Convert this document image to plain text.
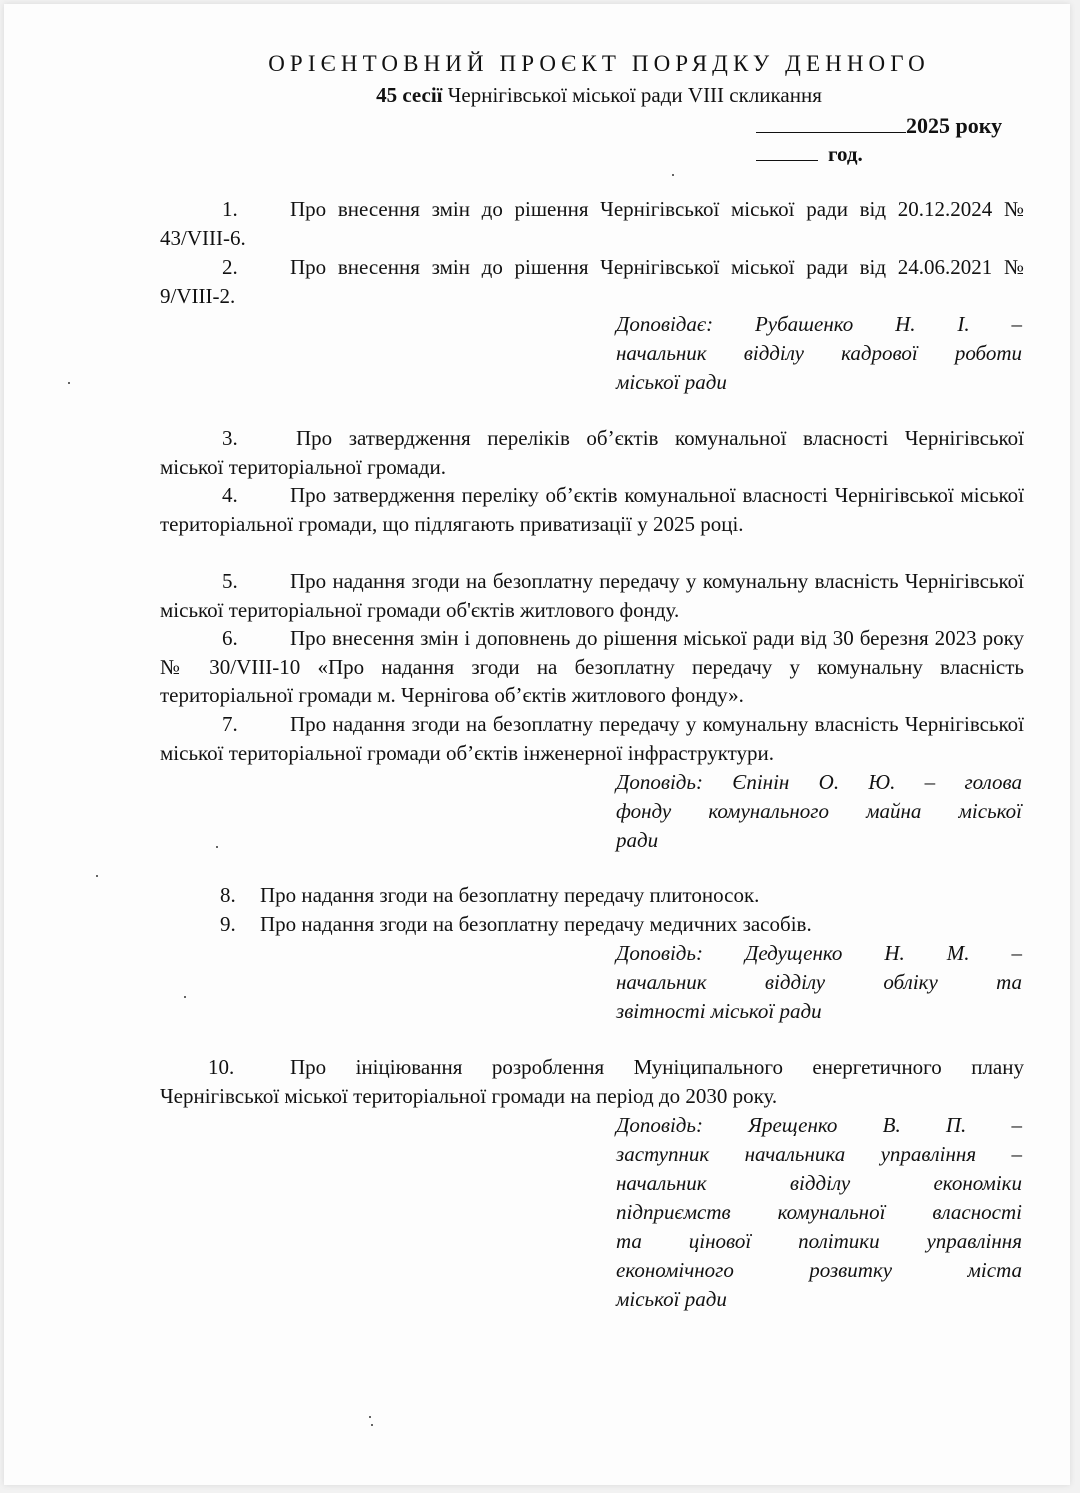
ОРІЄНТОВНИЙ ПРОЄКТ ПОРЯДКУ ДЕННОГО
45 сесії Чернігівської міської ради VIII скликання
2025 року
год.
1. Про внесення змін до рішення Чернігівської міської ради від 20.12.2024 № 43/VIII-6.
2. Про внесення змін до рішення Чернігівської міської ради від 24.06.2021 № 9/VIII-2.
Доповідає: Рубашенко Н. І. –
начальник відділу кадрової роботи
міської ради
3.	Про затвердження переліків об’єктів комунальної власності Чернігівської міської територіальної громади.
4. Про затвердження переліку об’єктів комунальної власності Чернігівської міської територіальної громади, що підлягають приватизації у 2025 році.
5. Про надання згоди на безоплатну передачу у комунальну власність Чернігівської міської територіальної громади об'єктів житлового фонду.
6. Про внесення змін і доповнень до рішення міської ради від 30 березня 2023 року № 30/VIII-10 «Про надання згоди на безоплатну передачу у комунальну власність територіальної громади м. Чернігова об’єктів житлового фонду».
7. Про надання згоди на безоплатну передачу у комунальну власність Чернігівської міської територіальної громади об’єктів інженерної інфраструктури.
Доповідь: Єпінін О. Ю. – голова
фонду комунального майна міської
ради
8. Про надання згоди на безоплатну передачу плитоносок.
9. Про надання згоди на безоплатну передачу медичних засобів.
Доповідь: Дедущенко Н. М. –
начальник відділу обліку та
звітності міської ради
10.	Про ініціювання розроблення Муніципального енергетичного плану Чернігівської міської територіальної громади на період до 2030 року.
Доповідь: Ярещенко В. П. –
заступник начальника управління –
начальник відділу економіки
підприємств комунальної власності
та цінової політики управління
економічного розвитку міста
міської ради
